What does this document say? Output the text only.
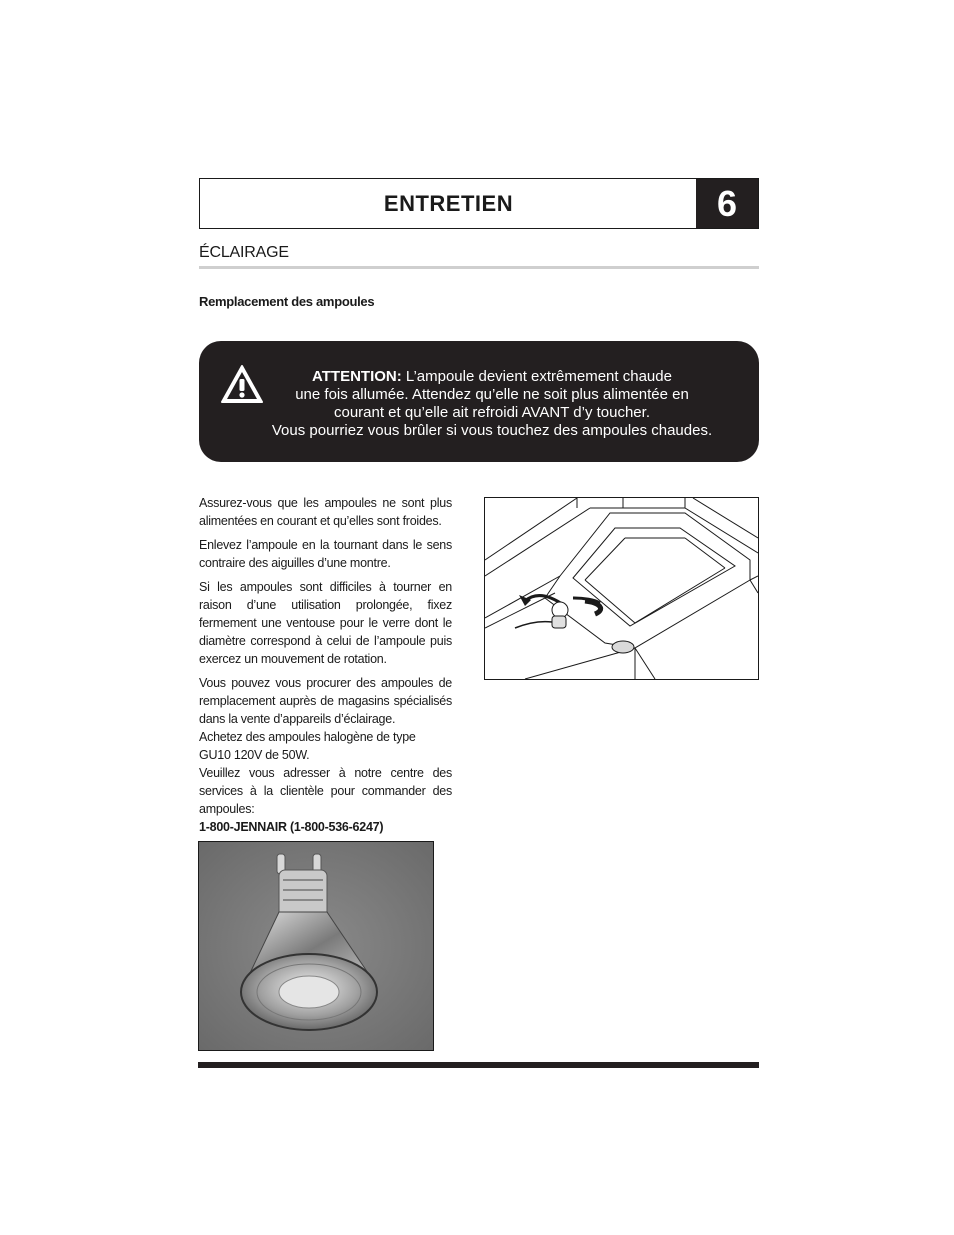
ENTRETIEN	6
ÉCLAIRAGE
Remplacement des ampoules
ATTENTION: L’ampoule devient extrêmement chaude
une fois allumée. Attendez qu’elle ne soit plus alimentée en
courant et qu’elle ait refroidi AVANT d’y toucher.
Vous pourriez vous brûler si vous touchez des ampoules chaudes.

Assurez-vous que les ampoules ne sont plus alimentées en courant et qu’elles sont froides.

Enlevez l’ampoule en la tournant dans le sens contraire des aiguilles d’une montre.

Si les ampoules sont difficiles à tourner en raison d’une utilisation prolongée, fixez fermement une ventouse pour le verre dont le diamètre correspond à celui de l’ampoule puis exercez un mouvement de rotation.

Vous pouvez vous procurer des ampoules de remplacement auprès de magasins spécialisés dans la vente d’appareils d’éclairage.

Achetez des ampoules halogène de type

GU10 120V de 50W.

Veuillez vous adresser à notre centre des services à la clientèle pour commander des ampoules:

1-800-JENNAIR (1-800-536-6247)
